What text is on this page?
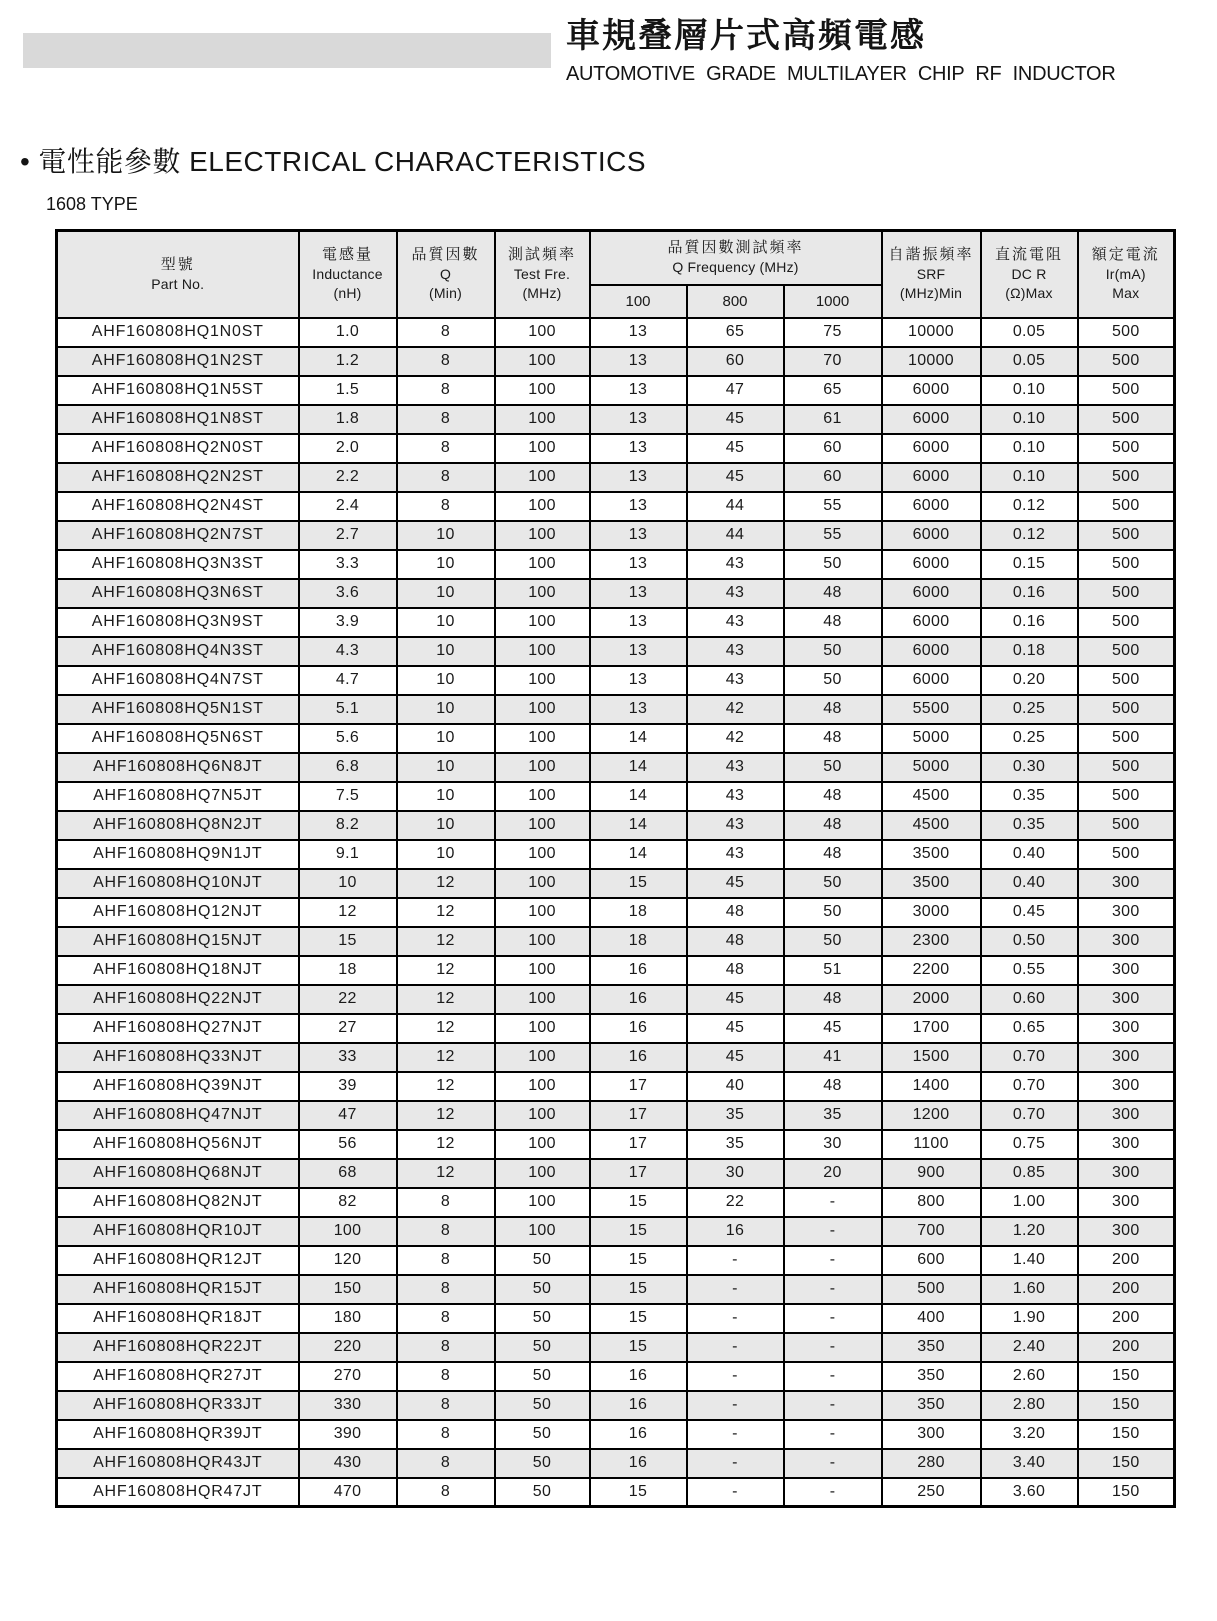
車規叠層片式高頻電感
AUTOMOTIVE GRADE MULTILAYER CHIP RF INDUCTOR
• 電性能參數 ELECTRICAL CHARACTERISTICS
1608 TYPE
型號
Part No.

電感量
Inductance
(nH)

品質因數
Q
(Min)

測試頻率
Test Fre.
(MHz)

品質因數測試頻率
Q Frequency (MHz)

自諧振頻率
SRF
(MHz)Min

直流電阻
DC R
(Ω)Max

額定電流
Ir(mA)
Max

				100	800	1000			
AHF160808HQ1N0ST	1.0	8	100	13	65	75	10000	0.05	500
AHF160808HQ1N2ST	1.2	8	100	13	60	70	10000	0.05	500
AHF160808HQ1N5ST	1.5	8	100	13	47	65	6000	0.10	500
AHF160808HQ1N8ST	1.8	8	100	13	45	61	6000	0.10	500
AHF160808HQ2N0ST	2.0	8	100	13	45	60	6000	0.10	500
AHF160808HQ2N2ST	2.2	8	100	13	45	60	6000	0.10	500
AHF160808HQ2N4ST	2.4	8	100	13	44	55	6000	0.12	500
AHF160808HQ2N7ST	2.7	10	100	13	44	55	6000	0.12	500
AHF160808HQ3N3ST	3.3	10	100	13	43	50	6000	0.15	500
AHF160808HQ3N6ST	3.6	10	100	13	43	48	6000	0.16	500
AHF160808HQ3N9ST	3.9	10	100	13	43	48	6000	0.16	500
AHF160808HQ4N3ST	4.3	10	100	13	43	50	6000	0.18	500
AHF160808HQ4N7ST	4.7	10	100	13	43	50	6000	0.20	500
AHF160808HQ5N1ST	5.1	10	100	13	42	48	5500	0.25	500
AHF160808HQ5N6ST	5.6	10	100	14	42	48	5000	0.25	500
AHF160808HQ6N8JT	6.8	10	100	14	43	50	5000	0.30	500
AHF160808HQ7N5JT	7.5	10	100	14	43	48	4500	0.35	500
AHF160808HQ8N2JT	8.2	10	100	14	43	48	4500	0.35	500
AHF160808HQ9N1JT	9.1	10	100	14	43	48	3500	0.40	500
AHF160808HQ10NJT	10	12	100	15	45	50	3500	0.40	300
AHF160808HQ12NJT	12	12	100	18	48	50	3000	0.45	300
AHF160808HQ15NJT	15	12	100	18	48	50	2300	0.50	300
AHF160808HQ18NJT	18	12	100	16	48	51	2200	0.55	300
AHF160808HQ22NJT	22	12	100	16	45	48	2000	0.60	300
AHF160808HQ27NJT	27	12	100	16	45	45	1700	0.65	300
AHF160808HQ33NJT	33	12	100	16	45	41	1500	0.70	300
AHF160808HQ39NJT	39	12	100	17	40	48	1400	0.70	300
AHF160808HQ47NJT	47	12	100	17	35	35	1200	0.70	300
AHF160808HQ56NJT	56	12	100	17	35	30	1100	0.75	300
AHF160808HQ68NJT	68	12	100	17	30	20	900	0.85	300
AHF160808HQ82NJT	82	8	100	15	22	-	800	1.00	300
AHF160808HQR10JT	100	8	100	15	16	-	700	1.20	300
AHF160808HQR12JT	120	8	50	15	-	-	600	1.40	200
AHF160808HQR15JT	150	8	50	15	-	-	500	1.60	200
AHF160808HQR18JT	180	8	50	15	-	-	400	1.90	200
AHF160808HQR22JT	220	8	50	15	-	-	350	2.40	200
AHF160808HQR27JT	270	8	50	16	-	-	350	2.60	150
AHF160808HQR33JT	330	8	50	16	-	-	350	2.80	150
AHF160808HQR39JT	390	8	50	16	-	-	300	3.20	150
AHF160808HQR43JT	430	8	50	16	-	-	280	3.40	150
AHF160808HQR47JT	470	8	50	15	-	-	250	3.60	150
